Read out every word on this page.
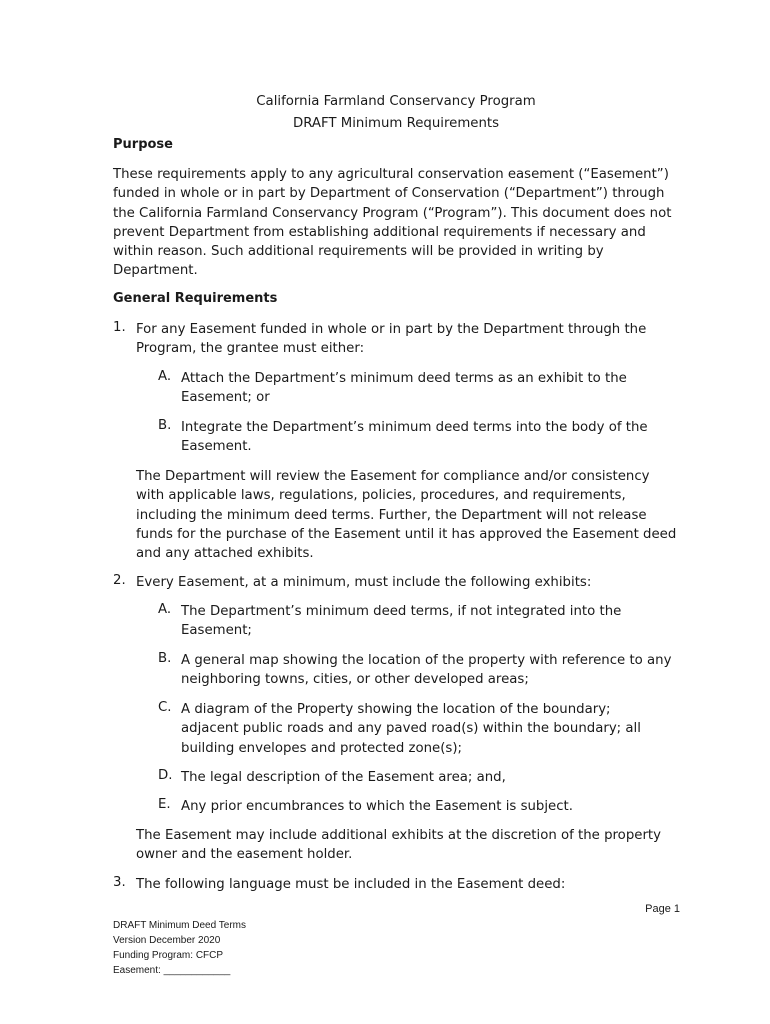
California Farmland Conservancy Program
DRAFT Minimum Requirements
Purpose

These requirements apply to any agricultural conservation easement (“Easement”) funded in whole or in part by Department of Conservation (“Department”) through the California Farmland Conservancy Program (“Program”). This document does not prevent Department from establishing additional requirements if necessary and within reason. Such additional requirements will be provided in writing by Department.

General Requirements
1. For any Easement funded in whole or in part by the Department through the Program, the grantee must either:

A. Attach the Department’s minimum deed terms as an exhibit to the Easement; or

B. Integrate the Department’s minimum deed terms into the body of the Easement.

The Department will review the Easement for compliance and/or consistency with applicable laws, regulations, policies, procedures, and requirements, including the minimum deed terms. Further, the Department will not release funds for the purchase of the Easement until it has approved the Easement deed and any attached exhibits.

2. Every Easement, at a minimum, must include the following exhibits:

A. The Department’s minimum deed terms, if not integrated into the Easement;

B. A general map showing the location of the property with reference to any neighboring towns, cities, or other developed areas;

C. A diagram of the Property showing the location of the boundary; adjacent public roads and any paved road(s) within the boundary; all building envelopes and protected zone(s);

D. The legal description of the Easement area; and,

E. Any prior encumbrances to which the Easement is subject.

The Easement may include additional exhibits at the discretion of the property owner and the easement holder.

3. The following language must be included in the Easement deed:

Page 1
DRAFT Minimum Deed Terms
Version December 2020
Funding Program: CFCP
Easement: ____________
